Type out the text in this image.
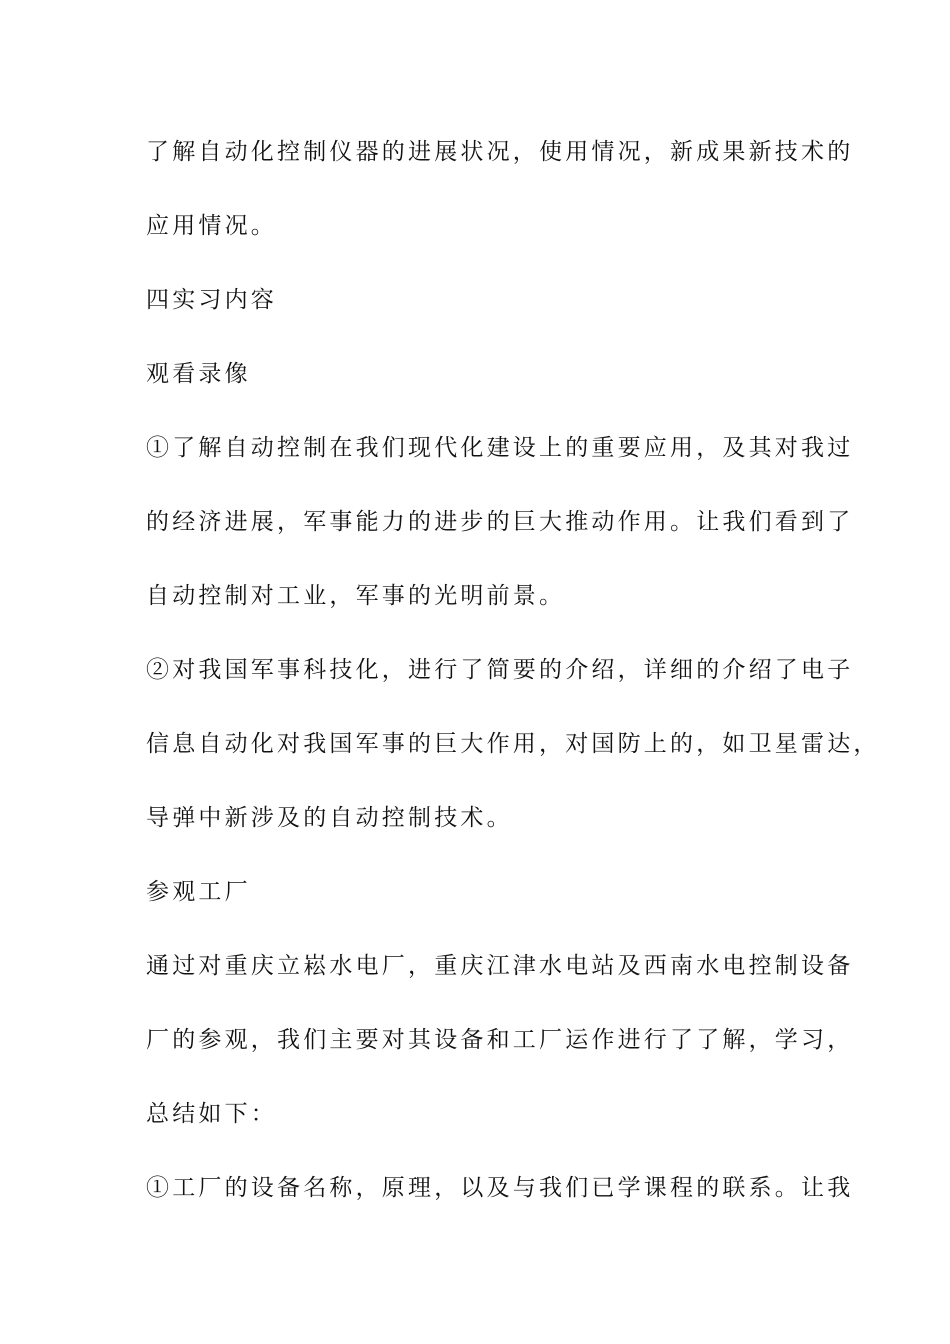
了解自动化控制仪器的进展状况，使用情况，新成果新技术的
应用情况。
四实习内容
观看录像
①了解自动控制在我们现代化建设上的重要应用，及其对我过
的经济进展，军事能力的进步的巨大推动作用。让我们看到了
自动控制对工业，军事的光明前景。
②对我国军事科技化，进行了简要的介绍，详细的介绍了电子
信息自动化对我国军事的巨大作用，对国防上的，如卫星雷达，
导弹中新涉及的自动控制技术。
参观工厂
通过对重庆立崧水电厂，重庆江津水电站及西南水电控制设备
厂的参观，我们主要对其设备和工厂运作进行了了解，学习，
总结如下：
①工厂的设备名称，原理，以及与我们已学课程的联系。让我
